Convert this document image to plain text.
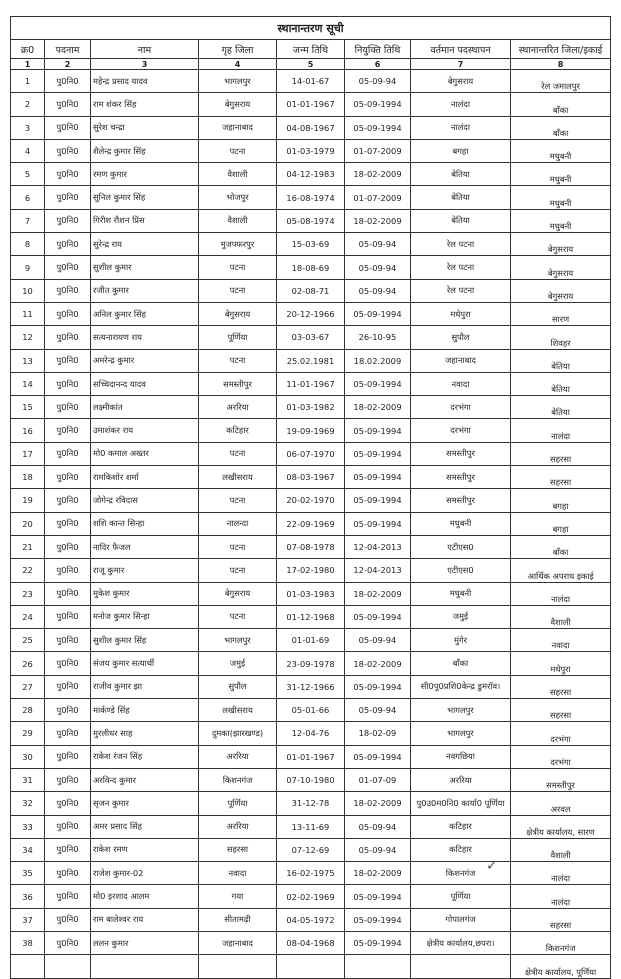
स्थानान्तरण सूची							
क्र0	पदनाम	नाम	गृह जिला	जन्म तिथि	नियुक्ति तिथि	वर्तमान पदस्थापन	स्थानान्तरित जिला/इकाई
1	2	3	4	5	6	7	8
1	पु0नि0	महेन्द्र प्रसाद यादव	भागलपुर	14-01-67	05-09-94	बेगुसराय	रेल जमालपुर
2	पु0नि0	राम शंकर सिंह	बेगुसराय	01-01-1967	05-09-1994	नालंदा	बाँका
3	पु0नि0	सुरेश चन्द्रा	जहानाबाद	04-08-1967	05-09-1994	नालंदा	बाँका
4	पु0नि0	शैलेन्द्र कुमार सिंह	पटना	01-03-1979	01-07-2009	बगहा	मधुबनी
5	पु0नि0	रमण कुमार	वैशाली	04-12-1983	18-02-2009	बेतिया	मधुबनी
6	पु0नि0	सुनिल कुमार सिंह	भोजपुर	16-08-1974	01-07-2009	बेतिया	मधुबनी
7	पु0नि0	गिरीश रौशन प्रिंस	वैशाली	05-08-1974	18-02-2009	बेतिया	मधुबनी
8	पु0नि0	सुरेन्द्र राय	मुजफ्फरपुर	15-03-69	05-09-94	रेल पटना	बेगुसराय
9	पु0नि0	सुशील कुमार	पटना	18-08-69	05-09-94	रेल पटना	बेगुसराय
10	पु0नि0	रजीत कुमार	पटना	02-08-71	05-09-94	रेल पटना	बेगुसराय
11	पु0नि0	अनिल कुमार सिंह	बेगुसराय	20-12-1966	05-09-1994	मधेपुरा	सारण
12	पु0नि0	सत्यनारायण राय	पूर्णिया	03-03-67	26-10-95	सुपौल	शिवहर
13	पु0नि0	अमरेन्द्र कुमार	पटना	25.02.1981	18.02.2009	जहानाबाद	बेतिया
14	पु0नि0	सच्चिदानन्द यादव	समस्तीपुर	11-01-1967	05-09-1994	नवादा	बेतिया
15	पु0नि0	लक्ष्मीकांत	अररिया	01-03-1982	18-02-2009	दरभंगा	बेतिया
16	पु0नि0	उमाशंकर राय	कटिहार	19-09-1969	05-09-1994	दरभंगा	नालंदा
17	पु0नि0	मो0 कमाल अख्तर	पटना	06-07-1970	05-09-1994	समस्तीपुर	सहरसा
18	पु0नि0	रामकिशोर शर्मा	लखीसराय	08-03-1967	05-09-1994	समस्तीपुर	सहरसा
19	पु0नि0	जोगेन्द्र रविदास	पटना	20-02-1970	05-09-1994	समस्तीपुर	बगहा
20	पु0नि0	शशि कान्त सिन्हा	नालन्दा	22-09-1969	05-09-1994	मधुबनी	बगहा
21	पु0नि0	नादिर फैजल	पटना	07-08-1978	12-04-2013	एटीएस0	बाँका
22	पु0नि0	राजू कुमार	पटना	17-02-1980	12-04-2013	एटीएस0	आर्थिक अपराध इकाई
23	पु0नि0	मुकेश कुमार	बेगुसराय	01-03-1983	18-02-2009	मधुबनी	नालंदा
24	पु0नि0	मनोज कुमार सिन्हा	पटना	01-12-1968	05-09-1994	जमुई	वैशाली
25	पु0नि0	सुशील कुमार सिंह	भागलपुर	01-01-69	05-09-94	मुंगेर	नवादा
26	पु0नि0	संजय कुमार सत्यार्थी	जमुई	23-09-1978	18-02-2009	बाँका	मधेपुरा
27	पु0नि0	राजीव कुमार झा	सुपौल	31-12-1966	05-09-1994	सी0पु0प्रशि0केन्द्र डुमरॉव।	सहरसा
28	पु0नि0	मार्कण्डे सिंह	लखीसराय	05-01-66	05-09-94	भागलपुर	सहरसा
29	पु0नि0	मुरलीधर साह	दुमका(झारखण्ड)	12-04-76	18-02-09	भागलपुर	दरभंगा
30	पु0नि0	राकेश रंजन सिंह	अररिया	01-01-1967	05-09-1994	नवगछिया	दरभंगा
31	पु0नि0	अरविन्द कुमार	किशनगंज	07-10-1980	01-07-09	अररिया	समस्तीपुर
32	पु0नि0	सृजन कुमार	पूर्णिया	31-12-78	18-02-2009	पु0उ0म0नि0 कार्या0 पूर्णिया	अरवल
33	पु0नि0	अमर प्रसाद सिंह	अररिया	13-11-69	05-09-94	कटिहार	क्षेत्रीय कार्यालय, सारण
34	पु0नि0	राकेश रमण	सहरसा	07-12-69	05-09-94	कटिहार	वैशाली
35	पु0नि0	राजेश कुमार-02	नवादा	16-02-1975	18-02-2009	किशनगंज	नालंदा
36	पु0नि0	मो0 इरशाद आलम	गया	02-02-1969	05-09-1994	पूर्णिया	नालंदा
37	पु0नि0	राम बालेश्वर राय	सीतामढ़ी	04-05-1972	05-09-1994	गोपालगंज	सहरसा
38	पु0नि0	ललन कुमार	जहानाबाद	08-04-1968	05-09-1994	क्षेत्रीय कार्यालय,छपरा।	किशनगंज
							क्षेत्रीय कार्यालय, पूर्णिया
✓
